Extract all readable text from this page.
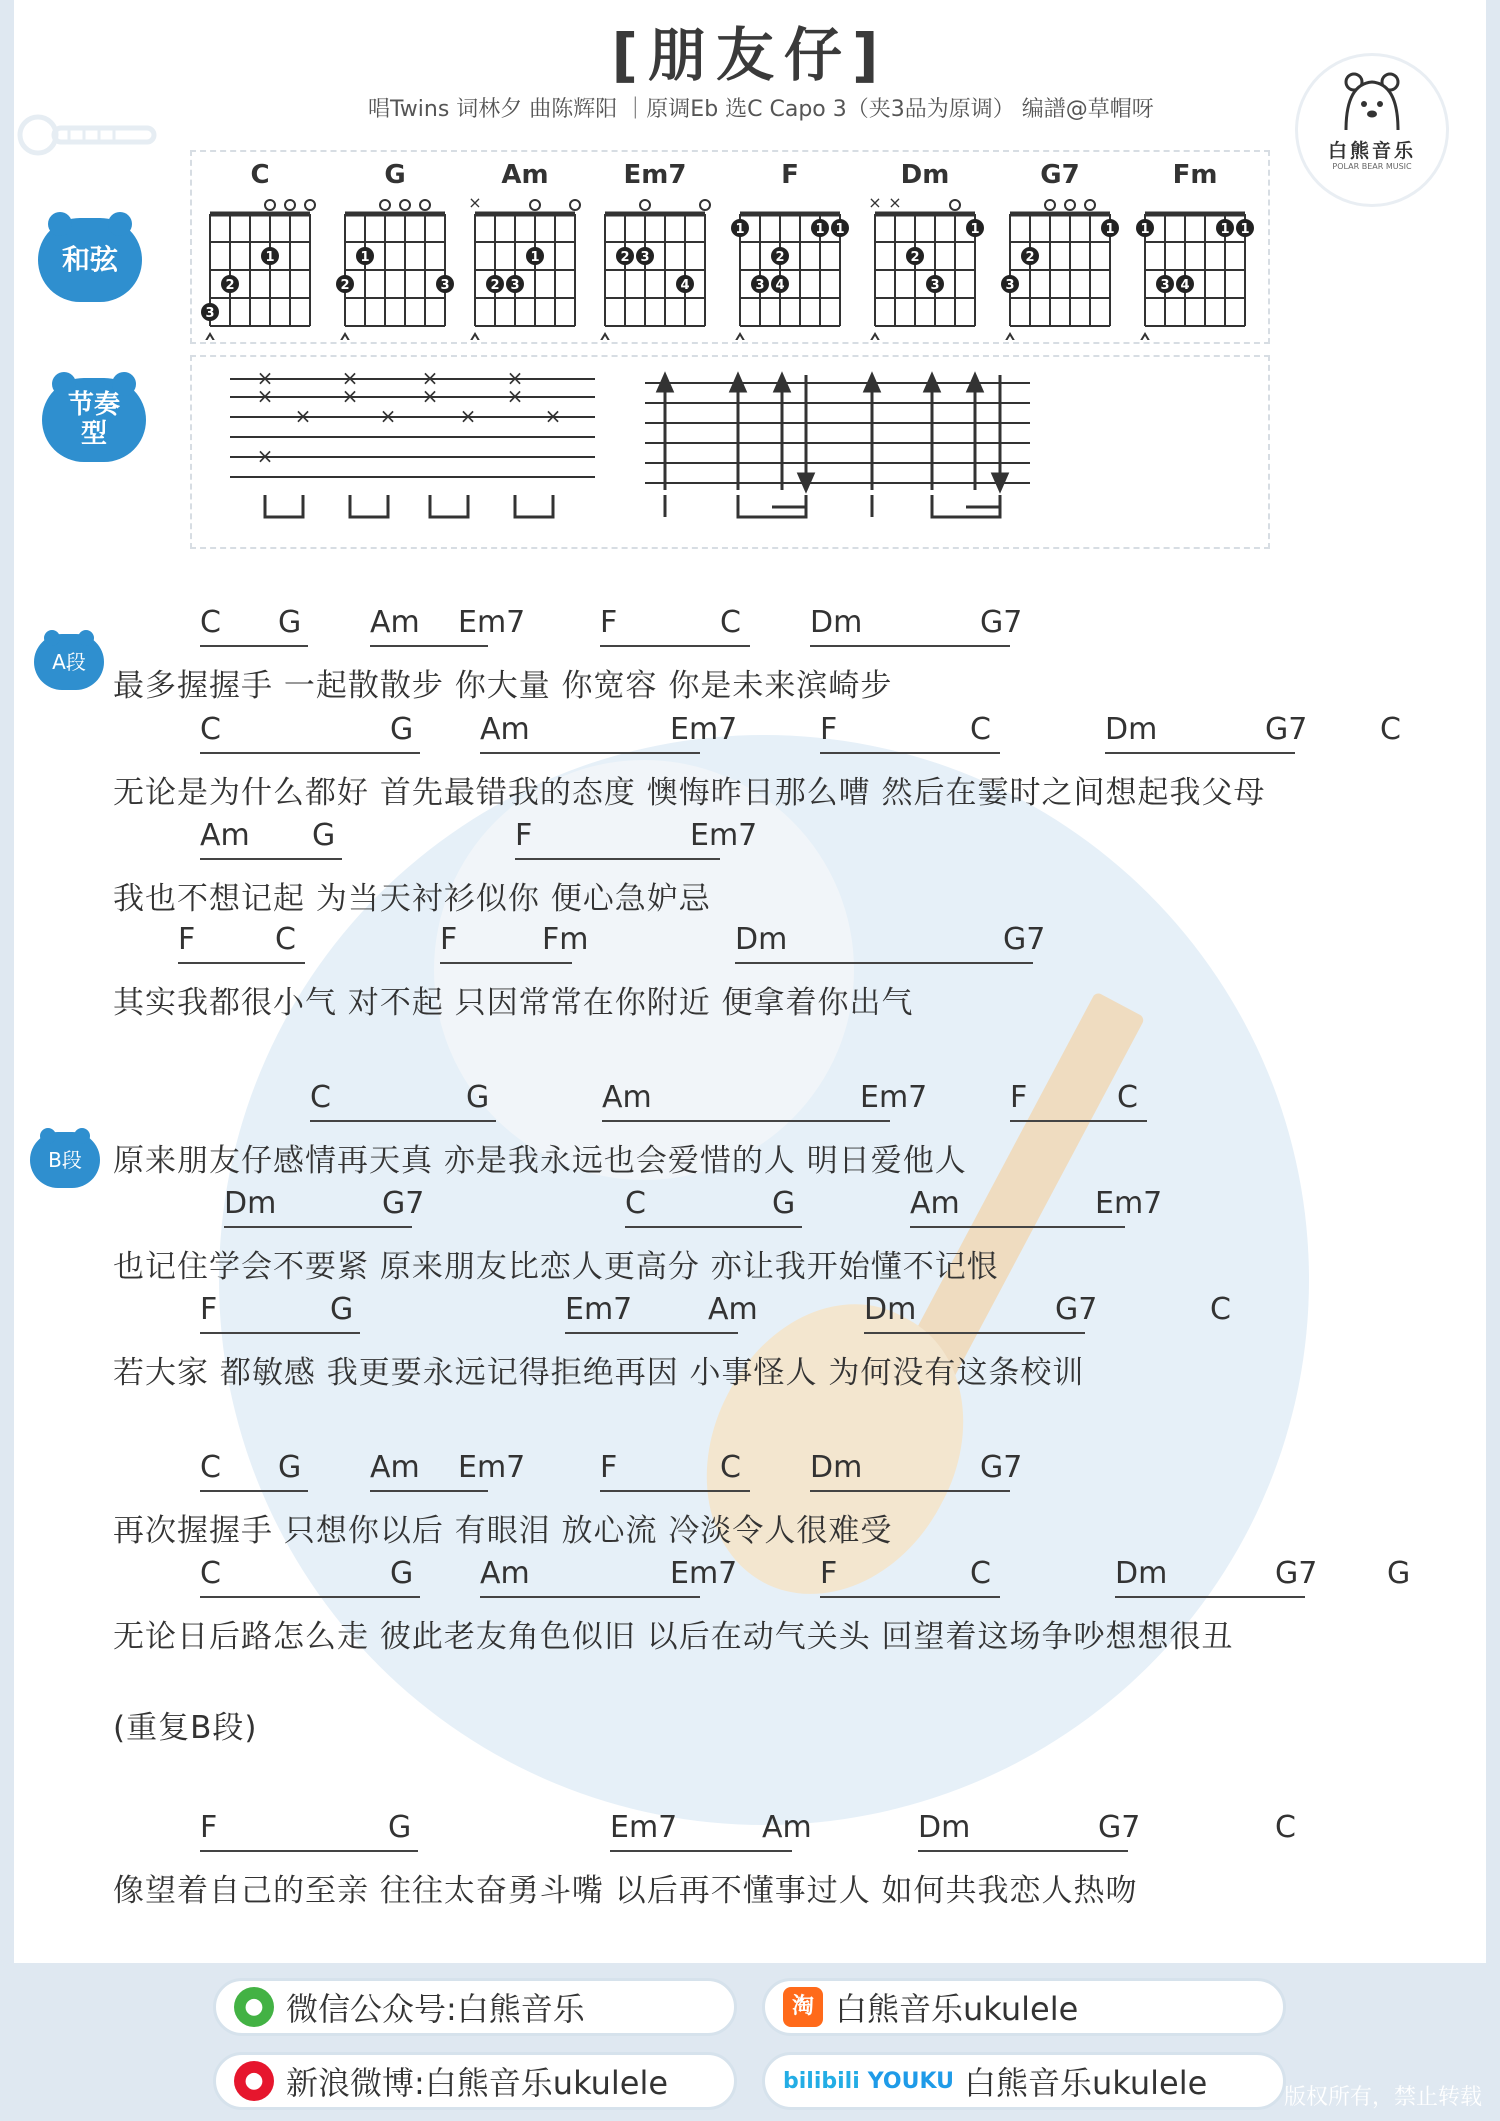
[朋友仔]
唱Twins 词林夕 曲陈辉阳 ｜原调Eb 选C Capo 3（夹3品为原调） 编譜@草帽呀
白熊音乐
POLAR BEAR MUSIC
和弦
节奏
型
A段
B段
C
1
2
3
G
1
2	3
Am
×
1
2 3
Em7
2 3
4
F
1
2
3 4
1 1
Dm
× ×
1
2
3
G7
1
2
3
Fm
1	1 1
3 4
×
×
×
×
×
×
×
×
×
×
×
×
×
C G Am Em7 F	C Dm	G7
最多握握手 一起散散步 你大量 你宽容 你是未来滨崎步
C	G Am	Em7	F	C	Dm	G7 C
无论是为什么都好 首先最错我的态度 懊悔昨日那么嘈 然后在霎时之间想起我父母
Am G	F	Em7
我也不想记起 为当天衬衫似你 便心急妒忌
F	C	F	Fm	Dm	G7
其实我都很小气 对不起 只因常常在你附近 便拿着你出气
C	G	Am	Em7	F	C
原来朋友仔感情再天真 亦是我永远也会爱惜的人 明日爱他人
Dm	G7	C	G	Am	Em7
也记住学会不要紧 原来朋友比恋人更高分 亦让我开始懂不记恨
F	G	Em7	Am	Dm	G7	C
若大家 都敏感 我更要永远记得拒绝再因 小事怪人 为何没有这条校训
C G Am Em7 F	C Dm	G7
再次握握手 只想你以后 有眼泪 放心流 冷淡令人很难受
C	G Am	Em7	F	C	Dm	G7 G
无论日后路怎么走 彼此老友角色似旧 以后在动气关头 回望着这场争吵想想很丑
(重复B段)
F	G	Em7	Am	Dm	G7	C
像望着自己的至亲 往往太奋勇斗嘴 以后再不懂事过人 如何共我恋人热吻
● 微信公众号:白熊音乐	淘 白熊音乐ukulele
● 新浪微博:白熊音乐ukulele	bilibili YOUKU 白熊音乐ukulele	版权所有，禁止转载
